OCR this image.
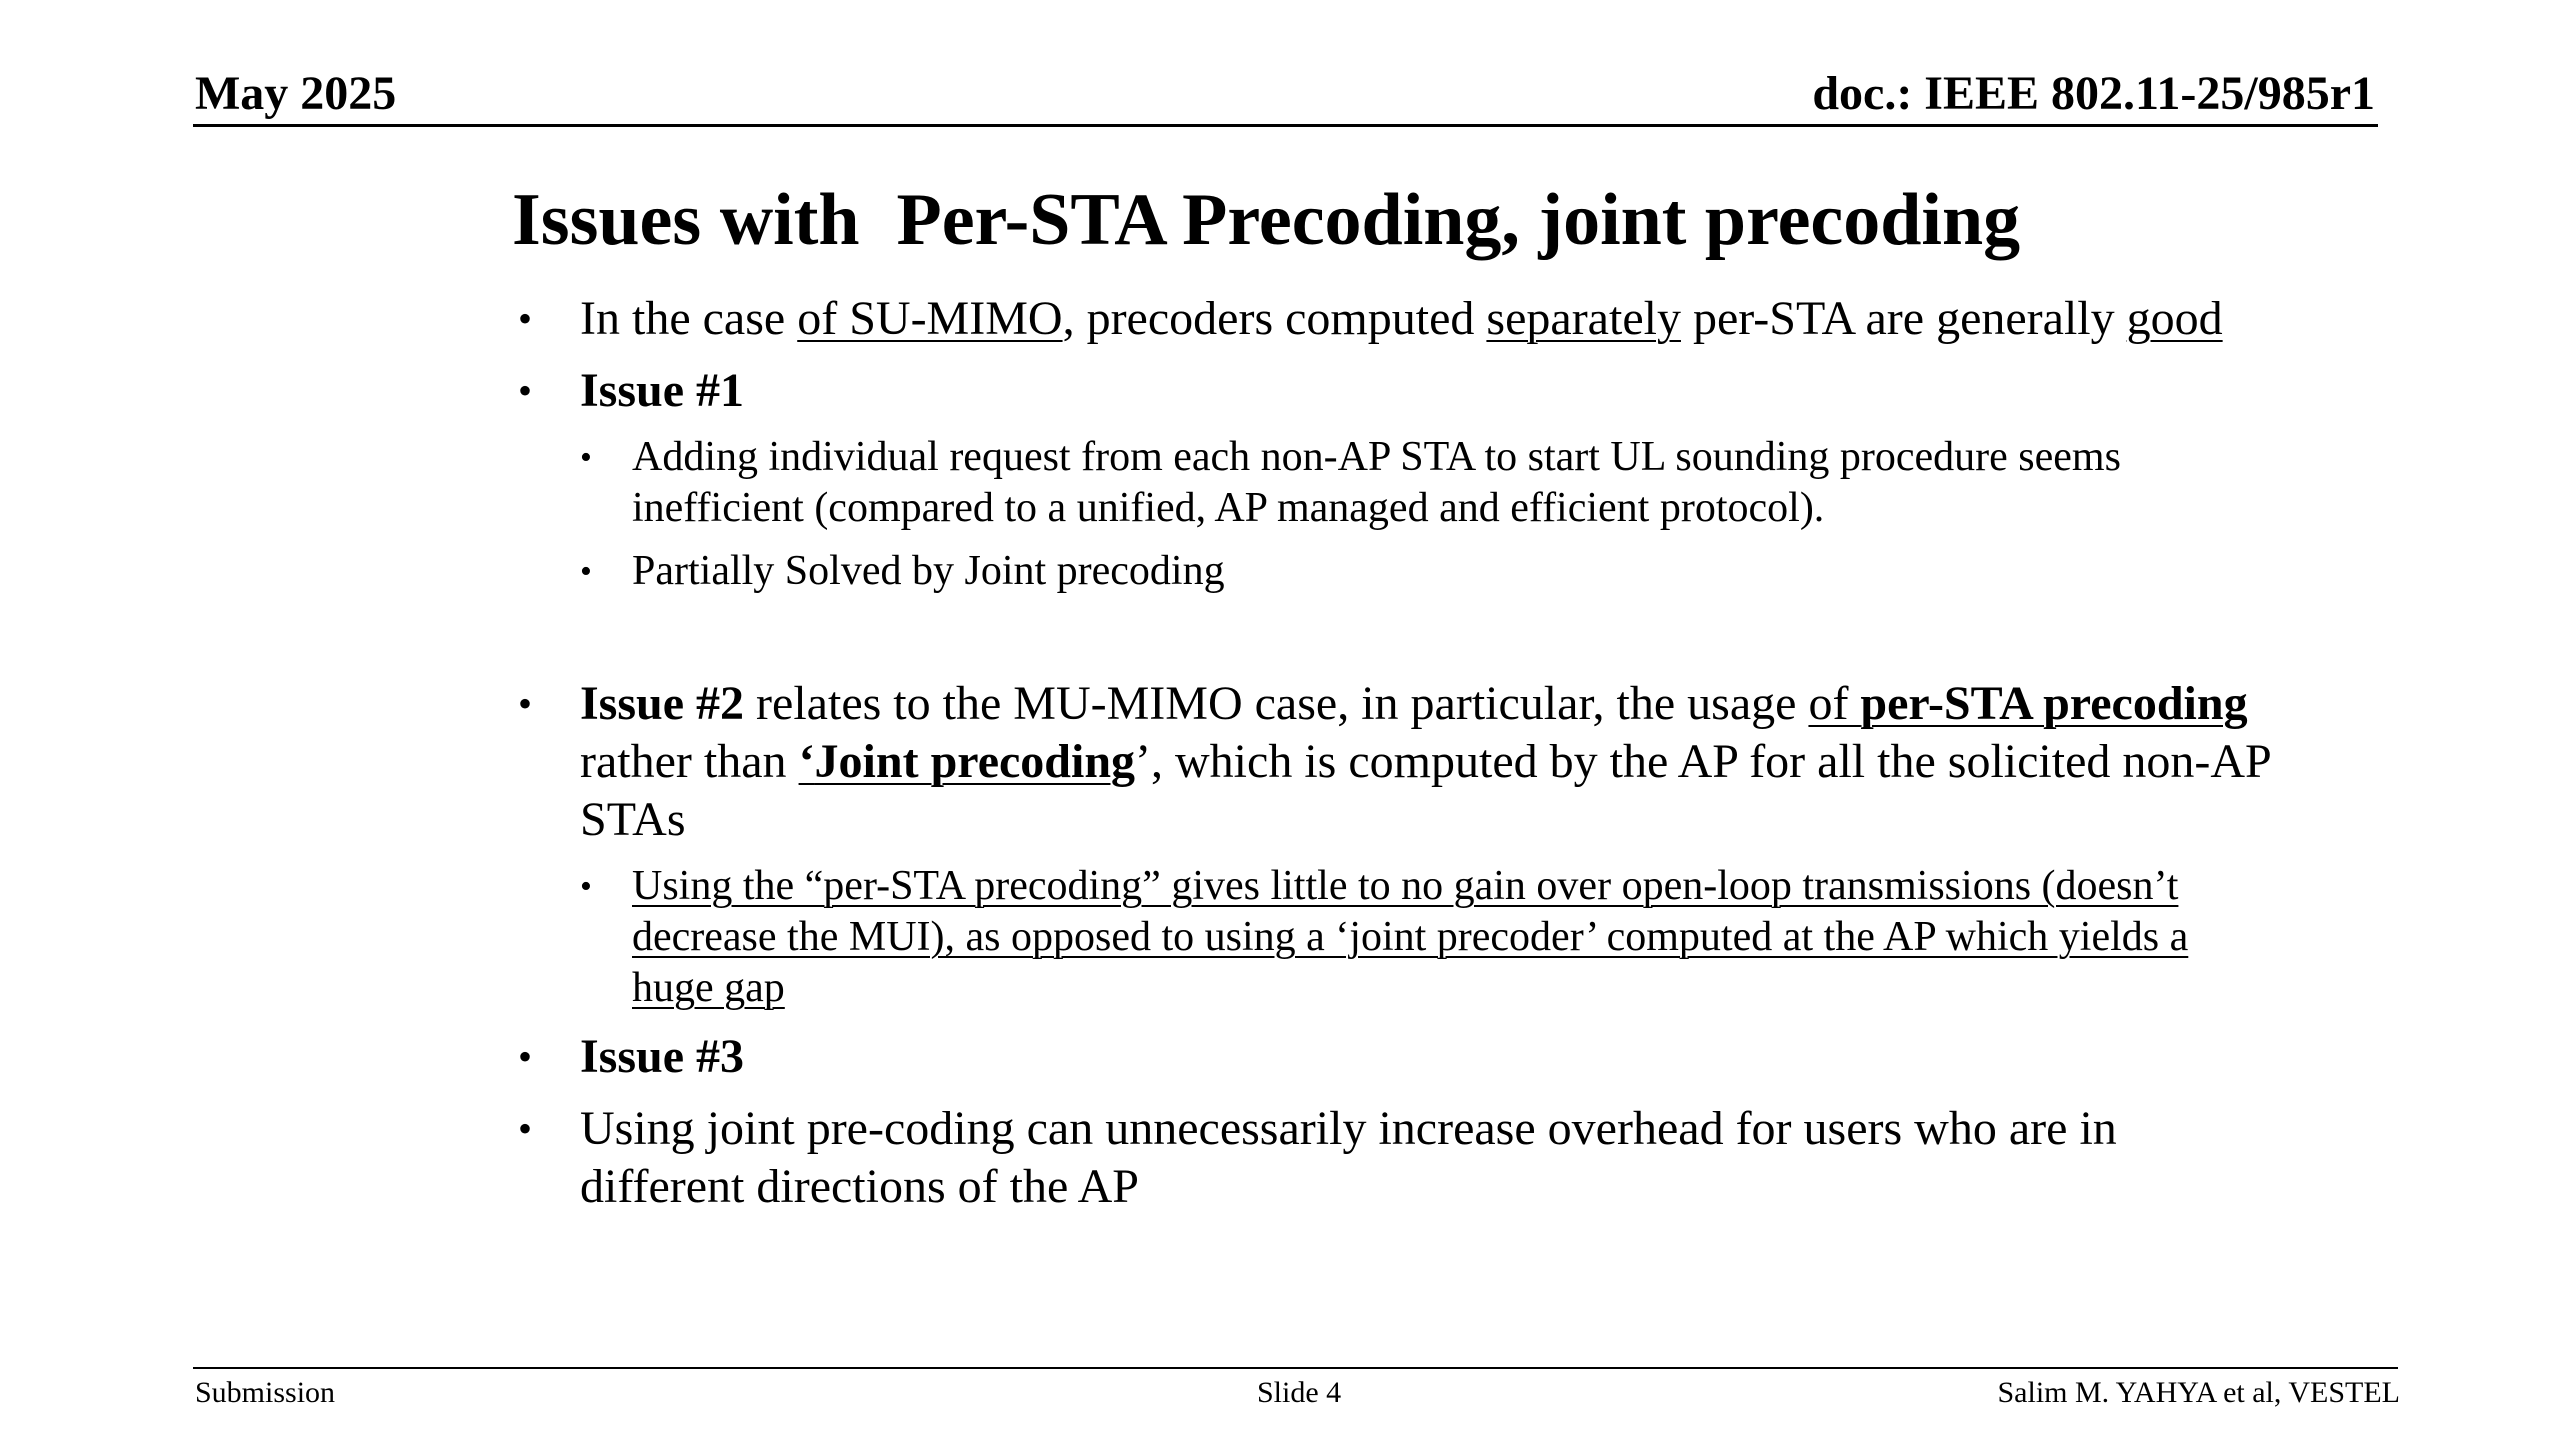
May 2025	doc.: IEEE 802.11-25/985r1
Issues with  Per-STA Precoding, joint precoding
• In the case of SU-MIMO, precoders computed separately per-STA are generally good
• Issue #1
• Adding individual request from each non-AP STA to start UL sounding procedure seems inefficient (compared to a unified, AP managed and efficient protocol).
• Partially Solved by Joint precoding
• Issue #2 relates to the MU-MIMO case, in particular, the usage of per-STA precoding rather than ‘Joint precoding’, which is computed by the AP for all the solicited non-AP STAs
• Using the “per-STA precoding” gives little to no gain over open-loop transmissions (doesn’t decrease the MUI), as opposed to using a ‘joint precoder’ computed at the AP which yields a huge gap
• Issue #3
• Using joint pre-coding can unnecessarily increase overhead for users who are in different directions of the AP
Submission	Slide 4	Salim M. YAHYA et al, VESTEL
